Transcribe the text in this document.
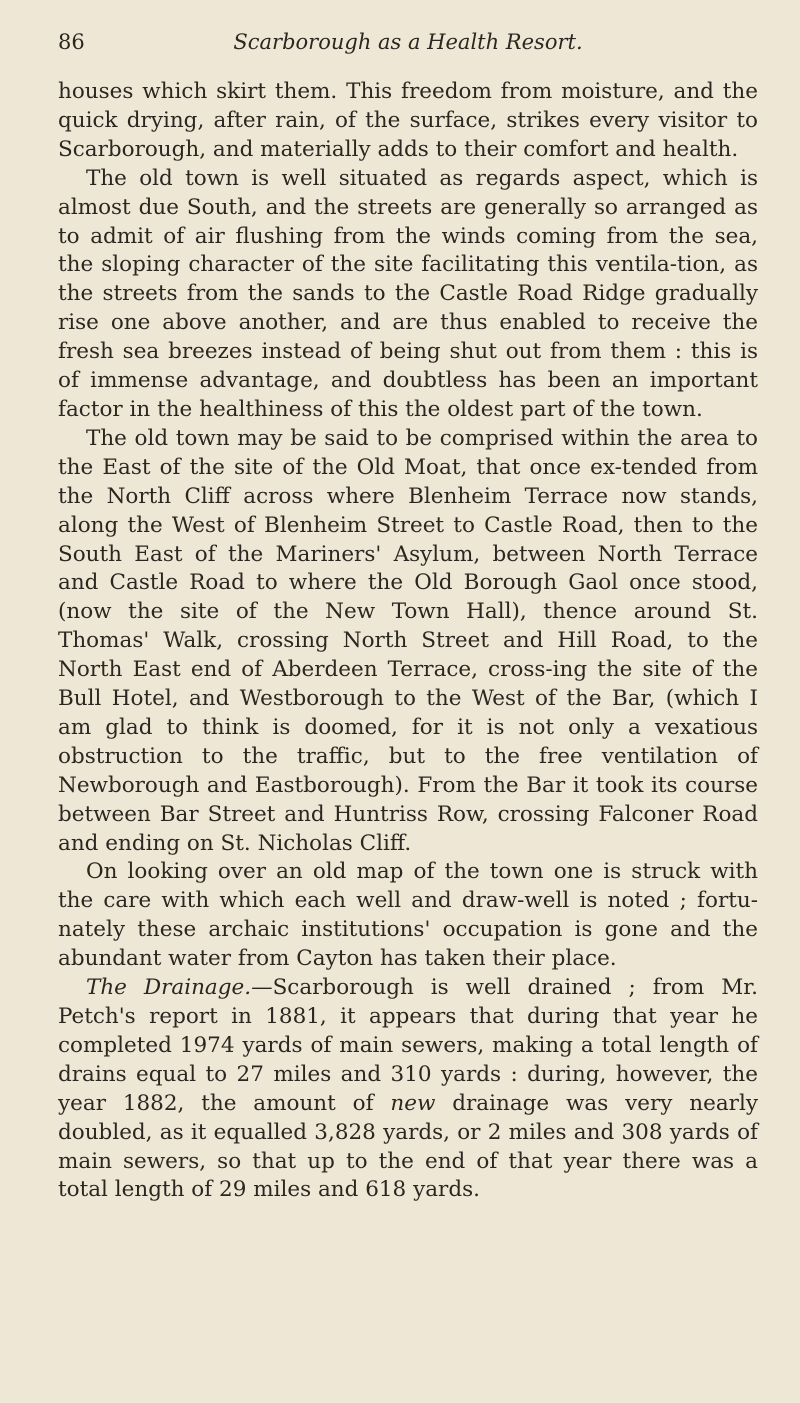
86	Scarborough as a Health Resort.

houses which skirt them. This freedom from moisture, and the quick drying, after rain, of the surface, strikes every visitor to Scarborough, and materially adds to their comfort and health.

The old town is well situated as regards aspect, which is almost due South, and the streets are generally so arranged as to admit of air flushing from the winds coming from the sea, the sloping character of the site facilitating this ventila-tion, as the streets from the sands to the Castle Road Ridge gradually rise one above another, and are thus enabled to receive the fresh sea breezes instead of being shut out from them : this is of immense advantage, and doubtless has been an important factor in the healthiness of this the oldest part of the town.

The old town may be said to be comprised within the area to the East of the site of the Old Moat, that once ex-tended from the North Cliff across where Blenheim Terrace now stands, along the West of Blenheim Street to Castle Road, then to the South East of the Mariners' Asylum, between North Terrace and Castle Road to where the Old Borough Gaol once stood, (now the site of the New Town Hall), thence around St. Thomas' Walk, crossing North Street and Hill Road, to the North East end of Aberdeen Terrace, cross-ing the site of the Bull Hotel, and Westborough to the West of the Bar, (which I am glad to think is doomed, for it is not only a vexatious obstruction to the traffic, but to the free ventilation of Newborough and Eastborough). From the Bar it took its course between Bar Street and Huntriss Row, crossing Falconer Road and ending on St. Nicholas Cliff.

On looking over an old map of the town one is struck with the care with which each well and draw-well is noted ; fortu-nately these archaic institutions' occupation is gone and the abundant water from Cayton has taken their place.

The Drainage.—Scarborough is well drained ; from Mr. Petch's report in 1881, it appears that during that year he completed 1974 yards of main sewers, making a total length of drains equal to 27 miles and 310 yards : during, however, the year 1882, the amount of new drainage was very nearly doubled, as it equalled 3,828 yards, or 2 miles and 308 yards of main sewers, so that up to the end of that year there was a total length of 29 miles and 618 yards.
